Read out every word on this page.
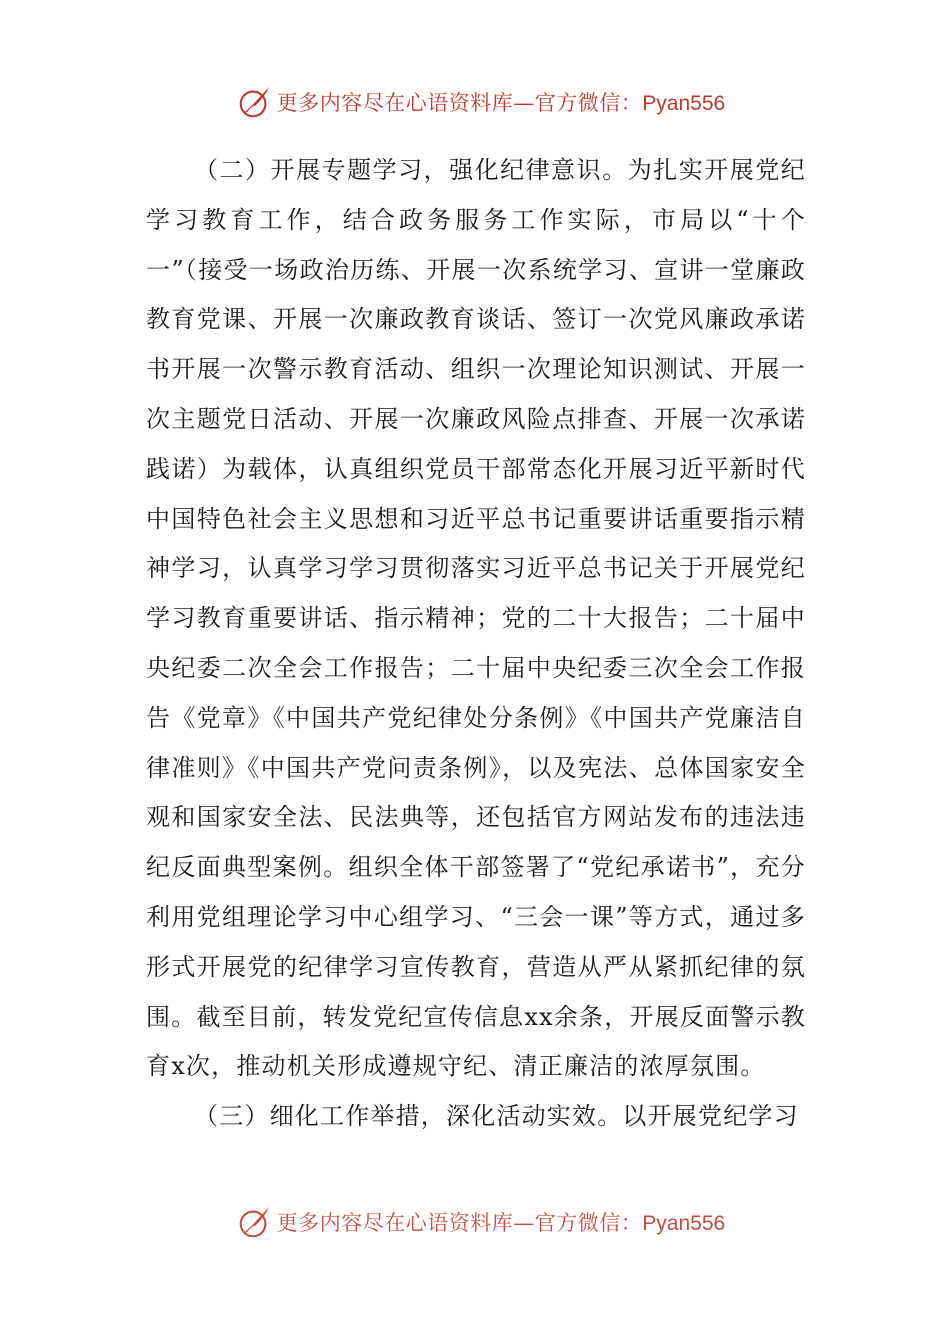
更多内容尽在心语资料库—官方微信：Pyan556

（二）开展专题学习，强化纪律意识。为扎实开展党纪学习教育工作，结合政务服务工作实际，市局以“十个一”（接受一场政治历练、开展一次系统学习、宣讲一堂廉政教育党课、开展一次廉政教育谈话、签订一次党风廉政承诺书开展一次警示教育活动、组织一次理论知识测试、开展一次主题党日活动、开展一次廉政风险点排查、开展一次承诺践诺）为载体，认真组织党员干部常态化开展习近平新时代中国特色社会主义思想和习近平总书记重要讲话重要指示精神学习，认真学习学习贯彻落实习近平总书记关于开展党纪学习教育重要讲话、指示精神；党的二十大报告；二十届中央纪委二次全会工作报告；二十届中央纪委三次全会工作报告《党章》《中国共产党纪律处分条例》《中国共产党廉洁自律准则》《中国共产党问责条例》，以及宪法、总体国家安全观和国家安全法、民法典等，还包括官方网站发布的违法违纪反面典型案例。组织全体干部签署了“党纪承诺书”，充分利用党组理论学习中心组学习、“三会一课”等方式，通过多形式开展党的纪律学习宣传教育，营造从严从紧抓纪律的氛围。截至目前，转发党纪宣传信息xx余条，开展反面警示教育x次，推动机关形成遵规守纪、清正廉洁的浓厚氛围。

（三）细化工作举措，深化活动实效。以开展党纪学习

更多内容尽在心语资料库—官方微信：Pyan556
